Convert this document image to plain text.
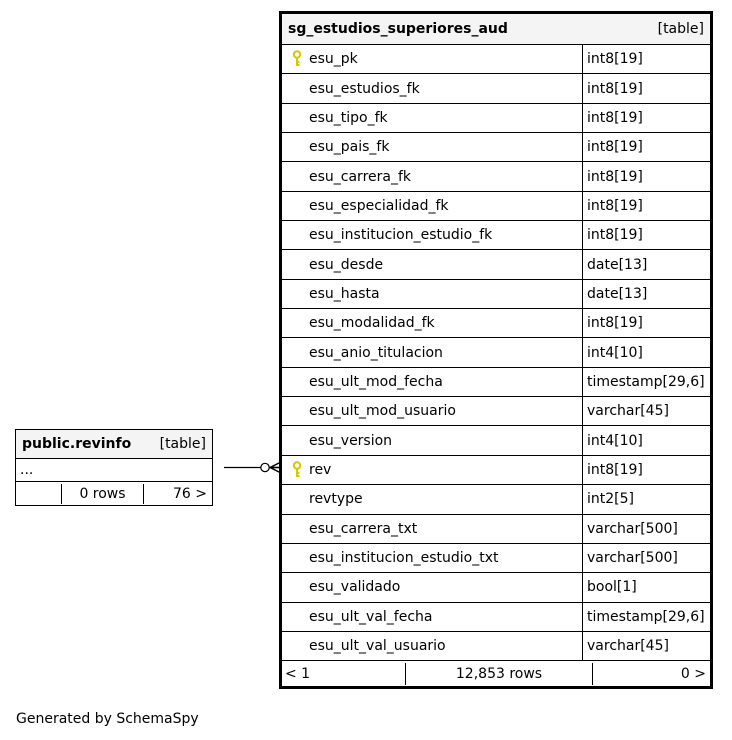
sg_estudios_superiores_aud	[table]
esu_pk	int8[19]
esu_estudios_fk	int8[19]
esu_tipo_fk	int8[19]
esu_pais_fk	int8[19]
esu_carrera_fk	int8[19]
esu_especialidad_fk	int8[19]
esu_institucion_estudio_fk	int8[19]
esu_desde	date[13]
esu_hasta	date[13]
esu_modalidad_fk	int8[19]
esu_anio_titulacion	int4[10]
esu_ult_mod_fecha	timestamp[29,6]
esu_ult_mod_usuario	varchar[45]
esu_version	int4[10]
rev	int8[19]
revtype	int2[5]
esu_carrera_txt	varchar[500]
esu_institucion_estudio_txt	varchar[500]
esu_validado	bool[1]
esu_ult_val_fecha	timestamp[29,6]
esu_ult_val_usuario	varchar[45]
< 1	12,853 rows	0 >
public.revinfo	[table]
...
0 rows	76 >
Generated by SchemaSpy
